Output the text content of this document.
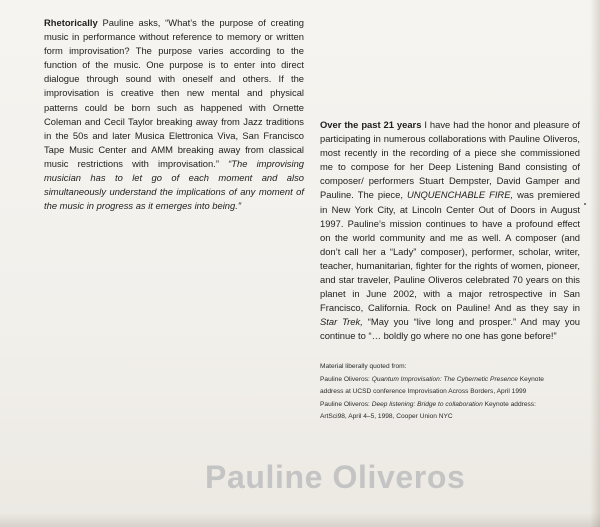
Rhetorically Pauline asks, “What’s the purpose of creating music in performance without reference to memory or written form improvisation? The purpose varies according to the function of the music. One purpose is to enter into direct dialogue through sound with oneself and others. If the improvisation is creative then new mental and physical patterns could be born such as happened with Ornette Coleman and Cecil Taylor breaking away from Jazz traditions in the 50s and later Musica Elettronica Viva, San Francisco Tape Music Center and AMM breaking away from classical music restrictions with improvisation.” “The improvising musician has to let go of each moment and also simultaneously understand the implications of any moment of the music in progress as it emerges into being.”
Over the past 21 years I have had the honor and pleasure of participating in numerous collaborations with Pauline Oliveros, most recently in the recording of a piece she commissioned me to compose for her Deep Listening Band consisting of composer/ performers Stuart Dempster, David Gamper and Pauline. The piece, UNQUENCHABLE FIRE, was premiered in New York City, at Lincoln Center Out of Doors in August 1997. Pauline’s mission continues to have a profound effect on the world community and me as well. A composer (and don’t call her a “Lady” composer), performer, scholar, writer, teacher, humanitarian, fighter for the rights of women, pioneer, and star traveler, Pauline Oliveros celebrated 70 years on this planet in June 2002, with a major retrospective in San Francisco, California. Rock on Pauline! And as they say in Star Trek, “May you “live long and prosper.” And may you continue to “… boldly go where no one has gone before!”
Material liberally quoted from:
Pauline Oliveros: Quantum Improvisation: The Cybernetic Presence Keynote
address at UCSD conference Improvisation Across Borders, April 1999
Pauline Oliveros: Deep listening: Bridge to collaboration Keynote address:
ArtSci98, April 4–5, 1998, Cooper Union NYC
Pauline Oliveros
